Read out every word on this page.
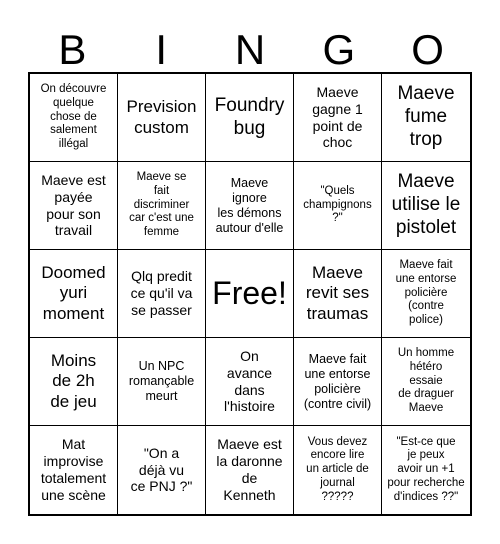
B	I	N	G	O
On découvre
quelque
chose de
salement
illégal
Prevision
custom
Foundry
bug
Maeve
gagne 1
point de
choc
Maeve
fume
trop
Maeve est
payée
pour son
travail
Maeve se
fait
discriminer
car c'est une
femme
Maeve
ignore
les démons
autour d'elle
"Quels
champignons
?"
Maeve
utilise le
pistolet
Doomed
yuri
moment
Qlq predit
ce qu'il va
se passer Free!
Maeve
revit ses
traumas
Maeve fait
une entorse
policière
(contre
police)
Moins
de 2h
de jeu
Un NPC
romançable
meurt
On
avance
dans
l'histoire
Maeve fait
une entorse
policière
(contre civil)
Un homme
hétéro
essaie
de draguer
Maeve
Mat
improvise
totalement
une scène
"On a
déjà vu
ce PNJ ?"
Maeve est
la daronne
de
Kenneth
Vous devez
encore lire
un article de
journal
?????
"Est-ce que
je peux
avoir un +1
pour recherche
d'indices ??"
